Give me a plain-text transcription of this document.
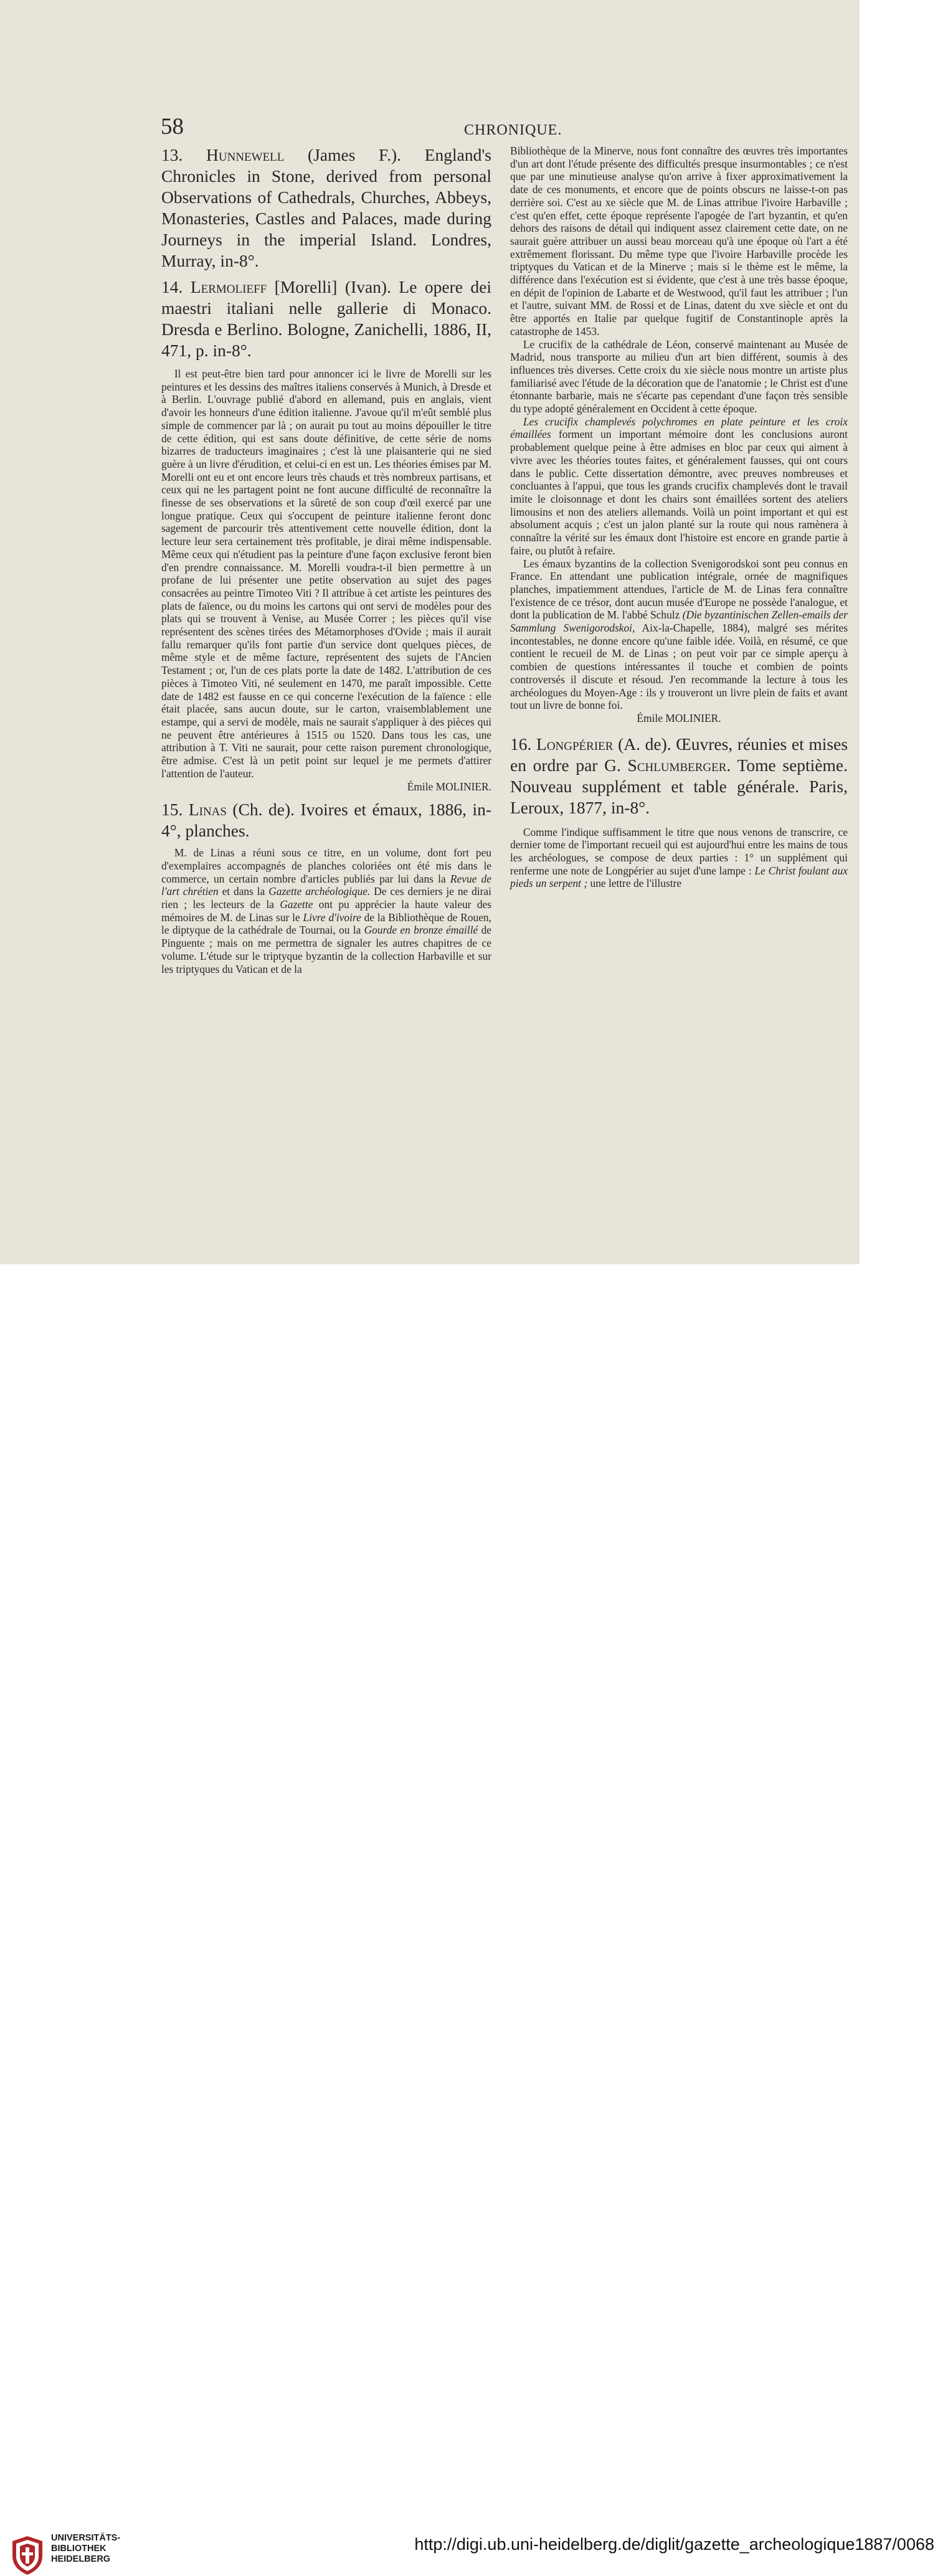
58	CHRONIQUE.

13. Hunnewell (James F.). England's Chronicles in Stone, derived from personal Observations of Cathedrals, Churches, Abbeys, Monasteries, Castles and Palaces, made during Journeys in the imperial Island. Londres, Murray, in-8°.

14. Lermolieff [Morelli] (Ivan). Le opere dei maestri italiani nelle gallerie di Monaco. Dresda e Berlino. Bologne, Zanichelli, 1886, II, 471, p. in-8°.

Il est peut-être bien tard pour annoncer ici le livre de Morelli sur les peintures et les dessins des maîtres italiens conservés à Munich, à Dresde et à Berlin. L'ouvrage publié d'abord en allemand, puis en anglais, vient d'avoir les honneurs d'une édition italienne. J'avoue qu'il m'eût semblé plus simple de commencer par là ; on aurait pu tout au moins dépouiller le titre de cette édition, qui est sans doute définitive, de cette série de noms bizarres de traducteurs imaginaires ; c'est là une plaisanterie qui ne sied guère à un livre d'érudition, et celui-ci en est un. Les théories émises par M. Morelli ont eu et ont encore leurs très chauds et très nombreux partisans, et ceux qui ne les partagent point ne font aucune difficulté de reconnaître la finesse de ses observations et la sûreté de son coup d'œil exercé par une longue pratique. Ceux qui s'occupent de peinture italienne feront donc sagement de parcourir très attentivement cette nouvelle édition, dont la lecture leur sera certainement très profitable, je dirai même indispensable. Même ceux qui n'étudient pas la peinture d'une façon exclusive feront bien d'en prendre connaissance. M. Morelli voudra-t-il bien permettre à un profane de lui présenter une petite observation au sujet des pages consacrées au peintre Timoteo Viti ? Il attribue à cet artiste les peintures des plats de faïence, ou du moins les cartons qui ont servi de modèles pour des plats qui se trouvent à Venise, au Musée Correr ; les pièces qu'il vise représentent des scènes tirées des Métamorphoses d'Ovide ; mais il aurait fallu remarquer qu'ils font partie d'un service dont quelques pièces, de même style et de même facture, représentent des sujets de l'Ancien Testament ; or, l'un de ces plats porte la date de 1482. L'attribution de ces pièces à Timoteo Viti, né seulement en 1470, me paraît impossible. Cette date de 1482 est fausse en ce qui concerne l'exécution de la faïence : elle était placée, sans aucun doute, sur le carton, vraisemblablement une estampe, qui a servi de modèle, mais ne saurait s'appliquer à des pièces qui ne peuvent être antérieures à 1515 ou 1520. Dans tous les cas, une attribution à T. Viti ne saurait, pour cette raison purement chronologique, être admise. C'est là un petit point sur lequel je me permets d'attirer l'attention de l'auteur.

Émile MOLINIER.

15. Linas (Ch. de). Ivoires et émaux, 1886, in-4°, planches.

M. de Linas a réuni sous ce titre, en un volume, dont fort peu d'exemplaires accompagnés de planches coloriées ont été mis dans le commerce, un certain nombre d'articles publiés par lui dans la Revue de l'art chrétien et dans la Gazette archéologique. De ces derniers je ne dirai rien ; les lecteurs de la Gazette ont pu apprécier la haute valeur des mémoires de M. de Linas sur le Livre d'ivoire de la Bibliothèque de Rouen, le diptyque de la cathédrale de Tournai, ou la Gourde en bronze émaillé de Pinguente ; mais on me permettra de signaler les autres chapitres de ce volume. L'étude sur le triptyque byzantin de la collection Harbaville et sur les triptyques du Vatican et de la

Bibliothèque de la Minerve, nous font connaître des œuvres très importantes d'un art dont l'étude présente des difficultés presque insurmontables ; ce n'est que par une minutieuse analyse qu'on arrive à fixer approximativement la date de ces monuments, et encore que de points obscurs ne laisse-t-on pas derrière soi. C'est au xe siècle que M. de Linas attribue l'ivoire Harbaville ; c'est qu'en effet, cette époque représente l'apogée de l'art byzantin, et qu'en dehors des raisons de détail qui indiquent assez clairement cette date, on ne saurait guère attribuer un aussi beau morceau qu'à une époque où l'art a été extrêmement florissant. Du même type que l'ivoire Harbaville procède les triptyques du Vatican et de la Minerve ; mais si le thème est le même, la différence dans l'exécution est si évidente, que c'est à une très basse époque, en dépit de l'opinion de Labarte et de Westwood, qu'il faut les attribuer ; l'un et l'autre, suivant MM. de Rossi et de Linas, datent du xve siècle et ont du être apportés en Italie par quelque fugitif de Constantinople après la catastrophe de 1453.

Le crucifix de la cathédrale de Léon, conservé maintenant au Musée de Madrid, nous transporte au milieu d'un art bien différent, soumis à des influences très diverses. Cette croix du xie siècle nous montre un artiste plus familiarisé avec l'étude de la décoration que de l'anatomie ; le Christ est d'une étonnante barbarie, mais ne s'écarte pas cependant d'une façon très sensible du type adopté généralement en Occident à cette époque.

Les crucifix champlevés polychromes en plate peinture et les croix émaillées forment un important mémoire dont les conclusions auront probablement quelque peine à être admises en bloc par ceux qui aiment à vivre avec les théories toutes faites, et généralement fausses, qui ont cours dans le public. Cette dissertation démontre, avec preuves nombreuses et concluantes à l'appui, que tous les grands crucifix champlevés dont le travail imite le cloisonnage et dont les chairs sont émaillées sortent des ateliers limousins et non des ateliers allemands. Voilà un point important et qui est absolument acquis ; c'est un jalon planté sur la route qui nous ramènera à connaître la vérité sur les émaux dont l'histoire est encore en grande partie à faire, ou plutôt à refaire.

Les émaux byzantins de la collection Svenigorodskoi sont peu connus en France. En attendant une publication intégrale, ornée de magnifiques planches, impatiemment attendues, l'article de M. de Linas fera connaître l'existence de ce trésor, dont aucun musée d'Europe ne possède l'analogue, et dont la publication de M. l'abbé Schulz (Die byzantinischen Zellen-emails der Sammlung Swenigorodskoi, Aix-la-Chapelle, 1884), malgré ses mérites incontestables, ne donne encore qu'une faible idée. Voilà, en résumé, ce que contient le recueil de M. de Linas ; on peut voir par ce simple aperçu à combien de questions intéressantes il touche et combien de points controversés il discute et résoud. J'en recommande la lecture à tous les archéologues du Moyen-Age : ils y trouveront un livre plein de faits et avant tout un livre de bonne foi.

Émile MOLINIER.

16. Longpérier (A. de). Œuvres, réunies et mises en ordre par G. Schlumberger. Tome septième. Nouveau supplément et table générale. Paris, Leroux, 1877, in-8°.

Comme l'indique suffisamment le titre que nous venons de transcrire, ce dernier tome de l'important recueil qui est aujourd'hui entre les mains de tous les archéologues, se compose de deux parties : 1° un supplément qui renferme une note de Longpérier au sujet d'une lampe : Le Christ foulant aux pieds un serpent ; une lettre de l'illustre

UNIVERSITÄTS-
BIBLIOTHEK
HEIDELBERG
http://digi.ub.uni-heidelberg.de/diglit/gazette_archeologique1887/0068
